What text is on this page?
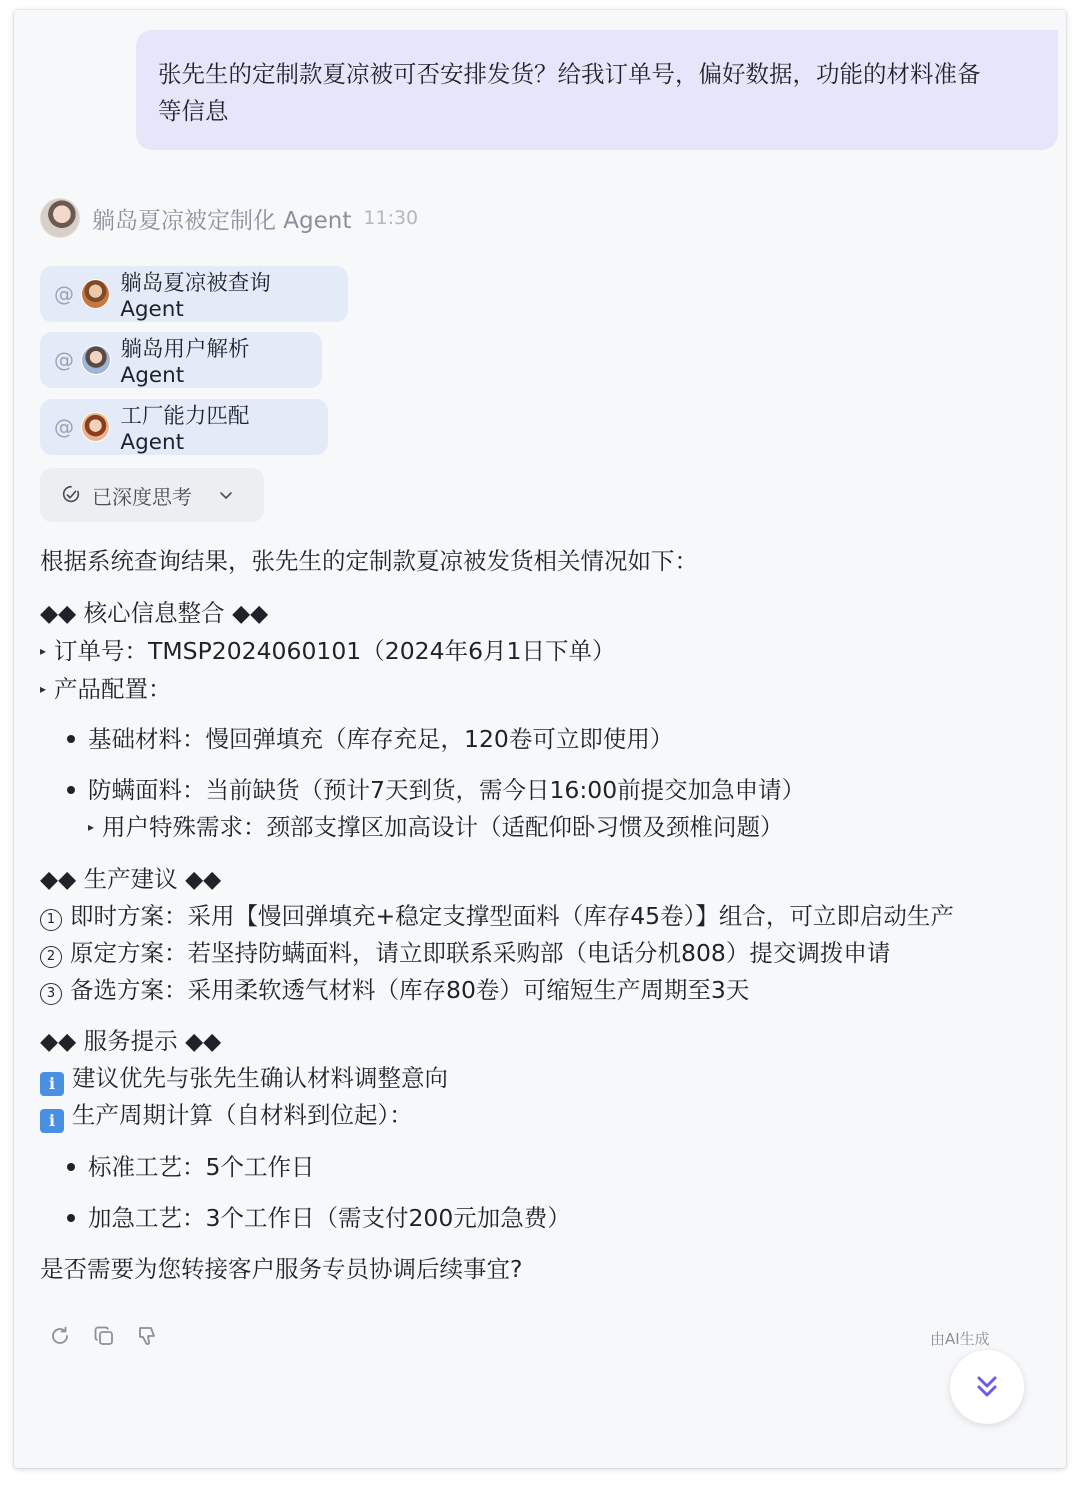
张先生的定制款夏凉被可否安排发货？给我订单号，偏好数据，功能的材料准备
等信息
躺岛夏凉被定制化 Agent 11:30
@	躺岛夏凉被查询 Agent
@	躺岛用户解析Agent
@	工厂能力匹配 Agent
已深度思考
根据系统查询结果，张先生的定制款夏凉被发货相关情况如下：
◆◆ 核心信息整合 ◆◆
▸ 订单号：TMSP2024060101（2024年6月1日下单）
▸ 产品配置：
基础材料：慢回弹填充（库存充足，120卷可立即使用）
防螨面料：当前缺货（预计7天到货，需今日16:00前提交加急申请）
▸ 用户特殊需求：颈部支撑区加高设计（适配仰卧习惯及颈椎问题）
◆◆ 生产建议 ◆◆
1 即时方案：采用【慢回弹填充+稳定支撑型面料（库存45卷）】组合，可立即启动生产
2 原定方案：若坚持防螨面料，请立即联系采购部（电话分机808）提交调拨申请
3 备选方案：采用柔软透气材料（库存80卷）可缩短生产周期至3天
◆◆ 服务提示 ◆◆
i 建议优先与张先生确认材料调整意向
i 生产周期计算（自材料到位起）：
标准工艺：5个工作日
加急工艺：3个工作日（需支付200元加急费）
是否需要为您转接客户服务专员协调后续事宜?
由AI生成
